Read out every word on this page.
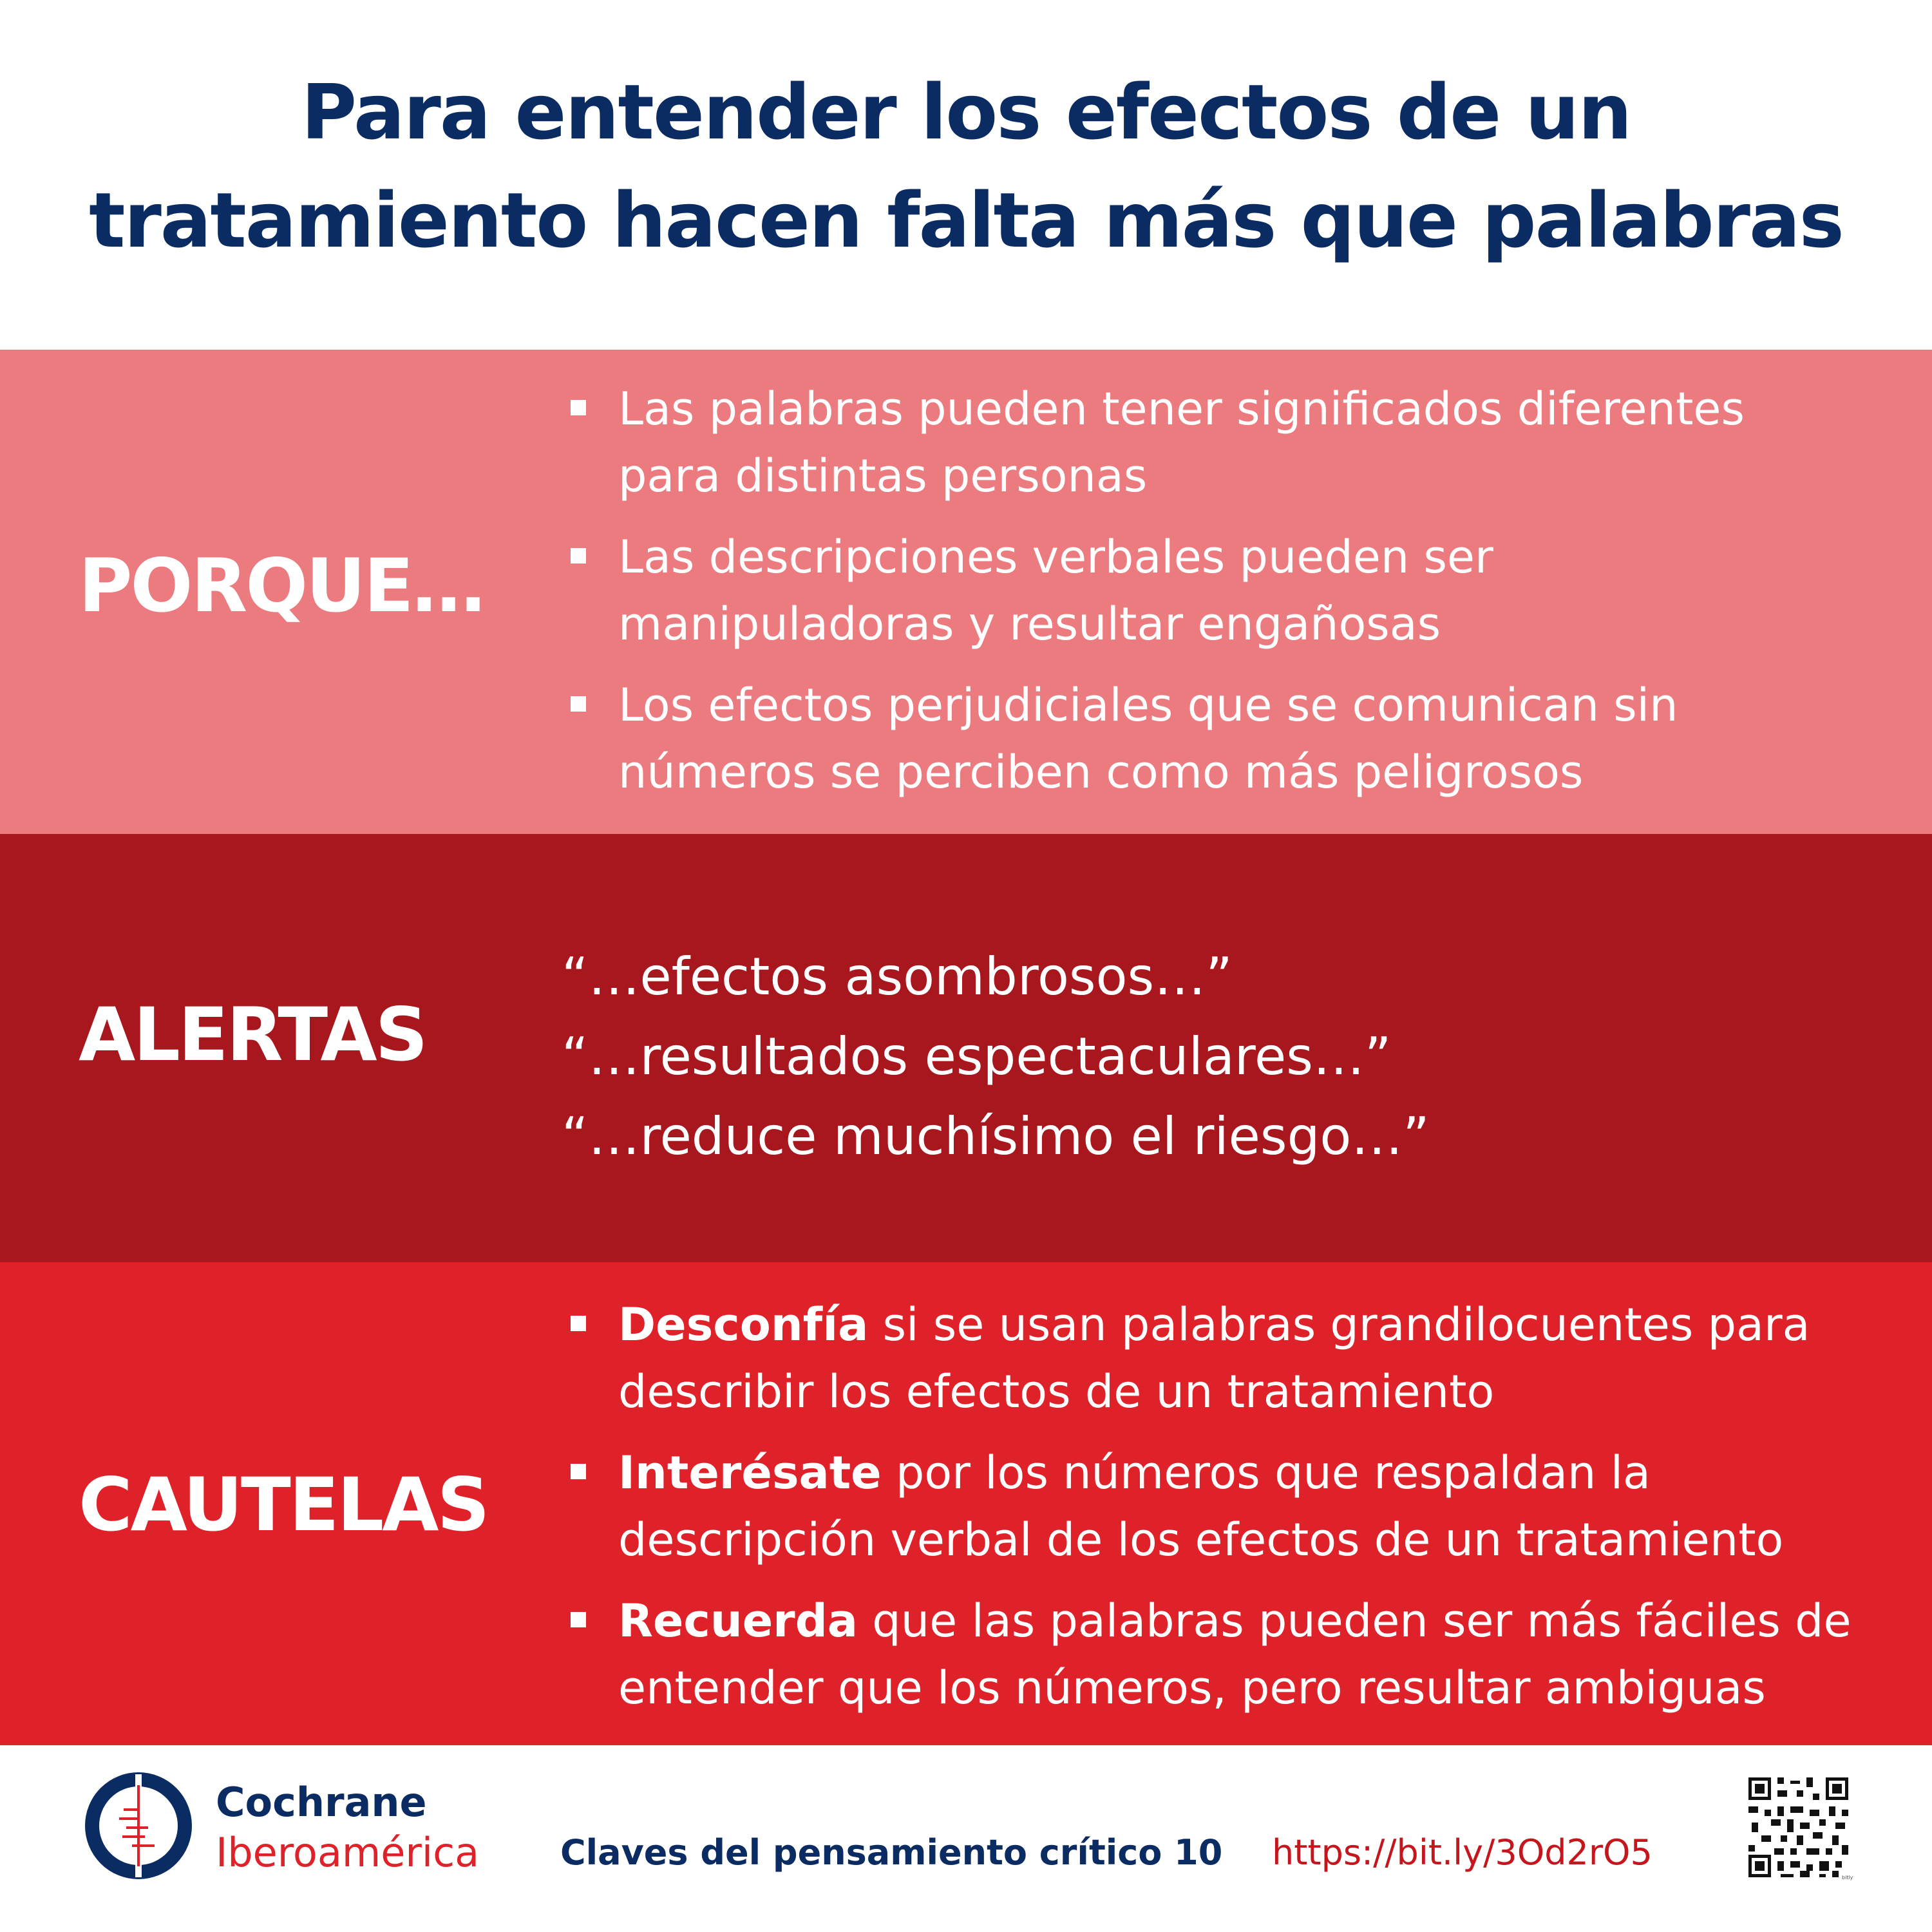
Para entender los efectos de un
tratamiento hacen falta más que palabras
PORQUE…
Las palabras pueden tener significados diferentes
para distintas personas
Las descripciones verbales pueden ser
manipuladoras y resultar engañosas
Los efectos perjudiciales que se comunican sin
números se perciben como más peligrosos
ALERTAS
“…efectos asombrosos…”
“…resultados espectaculares…”
“…reduce muchísimo el riesgo…”
CAUTELAS
Desconfía si se usan palabras grandilocuentes para
describir los efectos de un tratamiento
Interésate por los números que respaldan la
descripción verbal de los efectos de un tratamiento
Recuerda que las palabras pueden ser más fáciles de
entender que los números, pero resultar ambiguas
Cochrane
Iberoamérica Claves del pensamiento crítico 10 https://bit.ly/3Od2rO5
bitly
